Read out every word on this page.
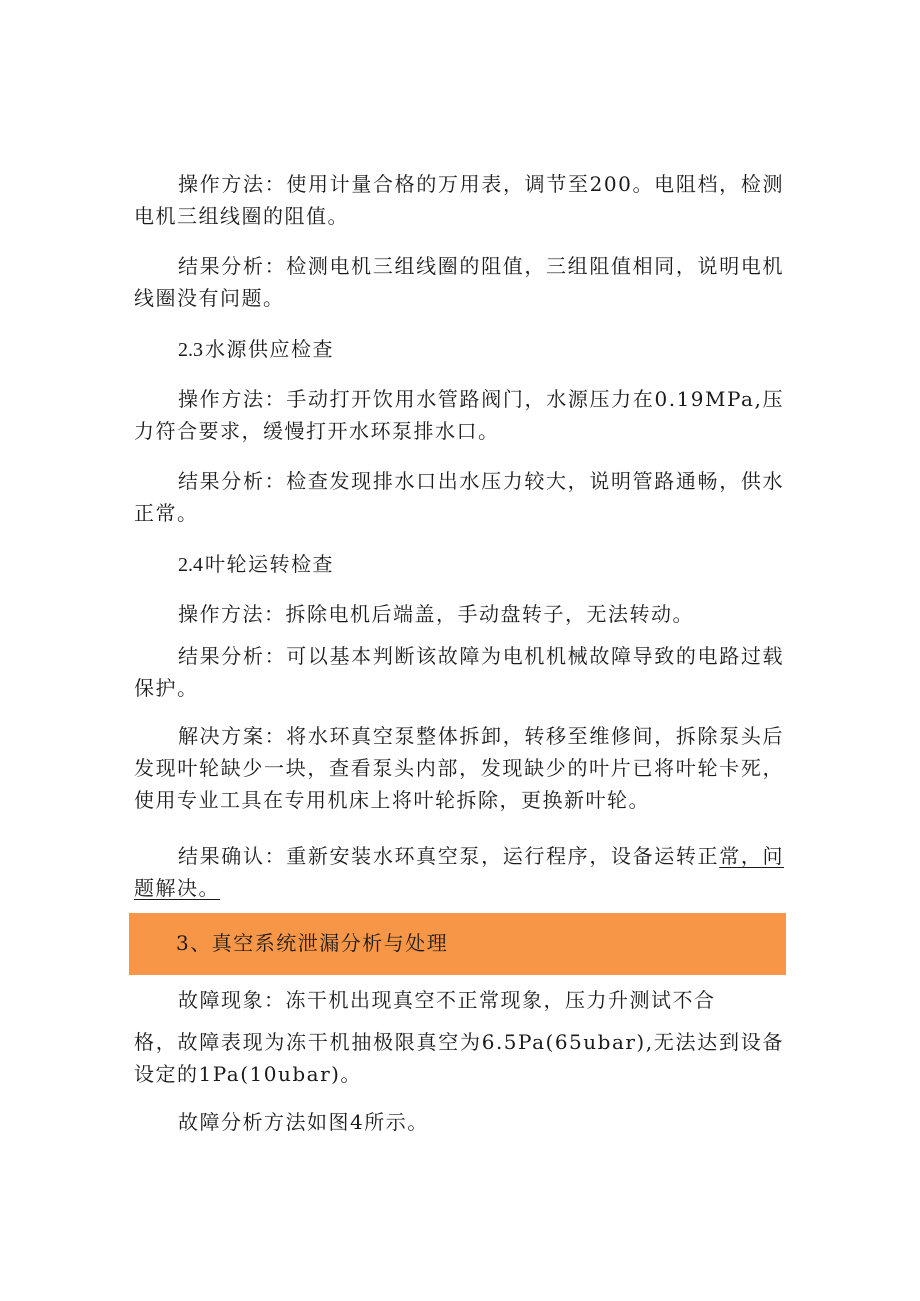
操作方法：使用计量合格的万用表，调节至200。电阻档，检测电机三组线圈的阻值。

结果分析：检测电机三组线圈的阻值，三组阻值相同，说明电机线圈没有问题。

2.3 水源供应检查

操作方法：手动打开饮用水管路阀门，水源压力在0.19MPa,压力符合要求，缓慢打开水环泵排水口。

结果分析：检查发现排水口出水压力较大，说明管路通畅，供水正常。

2.4 叶轮运转检查

操作方法：拆除电机后端盖，手动盘转子，无法转动。

结果分析：可以基本判断该故障为电机机械故障导致的电路过载保护。

解决方案：将水环真空泵整体拆卸，转移至维修间，拆除泵头后发现叶轮缺少一块，查看泵头内部，发现缺少的叶片已将叶轮卡死，使用专业工具在专用机床上将叶轮拆除，更换新叶轮。

结果确认：重新安装水环真空泵，运行程序，设备运转正常，问题解决。

3、真空系统泄漏分析与处理

故障现象：冻干机出现真空不正常现象，压力升测试不合

格，故障表现为冻干机抽极限真空为6.5Pa(65ubar),无法达到设备设定的1Pa(10ubar)。

故障分析方法如图4所示。
